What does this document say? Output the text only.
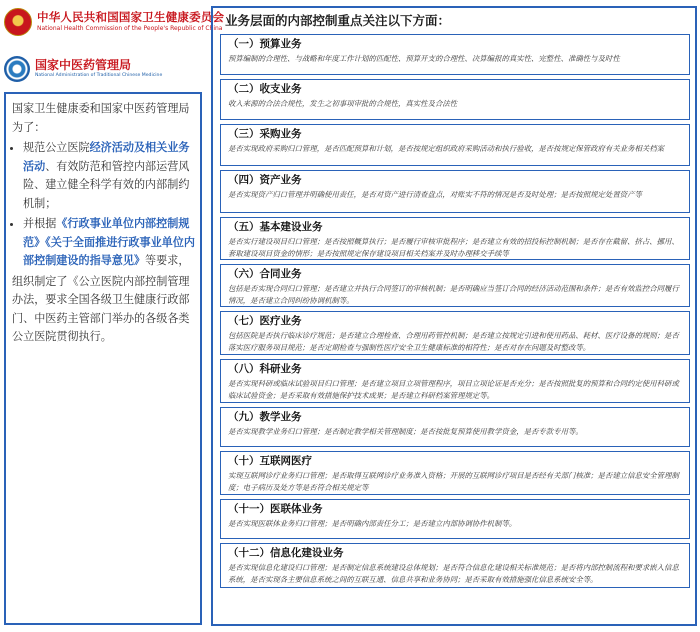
中华人民共和国国家卫生健康委员会
National Health Commission of the People's Republic of China
国家中医药管理局
National Administration of Traditional Chinese Medicine

国家卫生健康委和国家中医药管理局为了：

• 规范公立医院经济活动及相关业务活动、有效防范和管控内部运营风险、建立健全科学有效的内部制约机制；
• 并根据《行政事业单位内部控制规范》《关于全面推进行政事业单位内部控制建设的指导意见》等要求，

组织制定了《公立医院内部控制管理办法，要求全国各级卫生健康行政部门、中医药主管部门举办的各级各类公立医院贯彻执行。

业务层面的内部控制重点关注以下方面：
（一）预算业务
预算编制的合理性、与战略和年度工作计划的匹配性、预算开支的合理性、决算编报的真实性、完整性、准确性与及时性
（二）收支业务
收入来源的合法合规性，发生之初事项审批的合规性，真实性及合法性
（三）采购业务
是否实现政府采购归口管理，是否匹配预算和计划，是否按规定组织政府采购活动和执行验收，是否按规定保管政府有关业务相关档案
（四）资产业务
是否实现资产归口管理并明确使用责任，是否对资产进行清查盘点，对账实不符的情况是否及时处理；是否按照规定处置资产等
（五）基本建设业务
是否实行建设项目归口管理；是否按照概算执行；是否履行审核审批程序；是否建立有效的招投标控制机制；是否存在截留、挤占、挪用、套取建设项目资金的情形；是否按照规定保存建设项目相关档案并及时办理移交手续等
（六）合同业务
包括是否实现合同归口管理；是否建立并执行合同签订的审核机制；是否明确应当签订合同的经济活动范围和条件；是否有效监控合同履行情况，是否建立合同纠纷协调机制等。
（七）医疗业务
包括医院是否执行临床诊疗规范；是否建立合理检查、合理用药管控机制；是否建立按规定引进和使用药品、耗材、医疗设备的规则；是否落实医疗服务项目规范；是否定期检查与强制性医疗安全卫生健康标准的相符性；是否对存在问题及时整改等。
（八）科研业务
是否实现科研或临床试验项目归口管理；是否建立项目立项管理程序，项目立项论证是否充分；是否按照批复的预算和合同约定使用科研或临床试验资金；是否采取有效措施保护技术成果；是否建立科研档案管理规定等。
（九）教学业务
是否实现教学业务归口管理；是否制定教学相关管理制度；是否按批复预算使用教学资金，是否专款专用等。
（十）互联网医疗
实现互联网诊疗业务归口管理；是否取得互联网诊疗业务准入资格；开展的互联网诊疗项目是否经有关部门核准；是否建立信息安全管理制度；电子病历及处方等是否符合相关规定等
（十一）医联体业务
是否实现医联体业务归口管理；是否明确内部责任分工；是否建立内部协调协作机制等。
（十二）信息化建设业务
是否实现信息化建设归口管理；是否制定信息系统建设总体规划；是否符合信息化建设相关标准规范；是否将内部控制流程和要求嵌入信息系统，是否实现各主要信息系统之间的互联互通、信息共享和业务协同；是否采取有效措施强化信息系统安全等。
